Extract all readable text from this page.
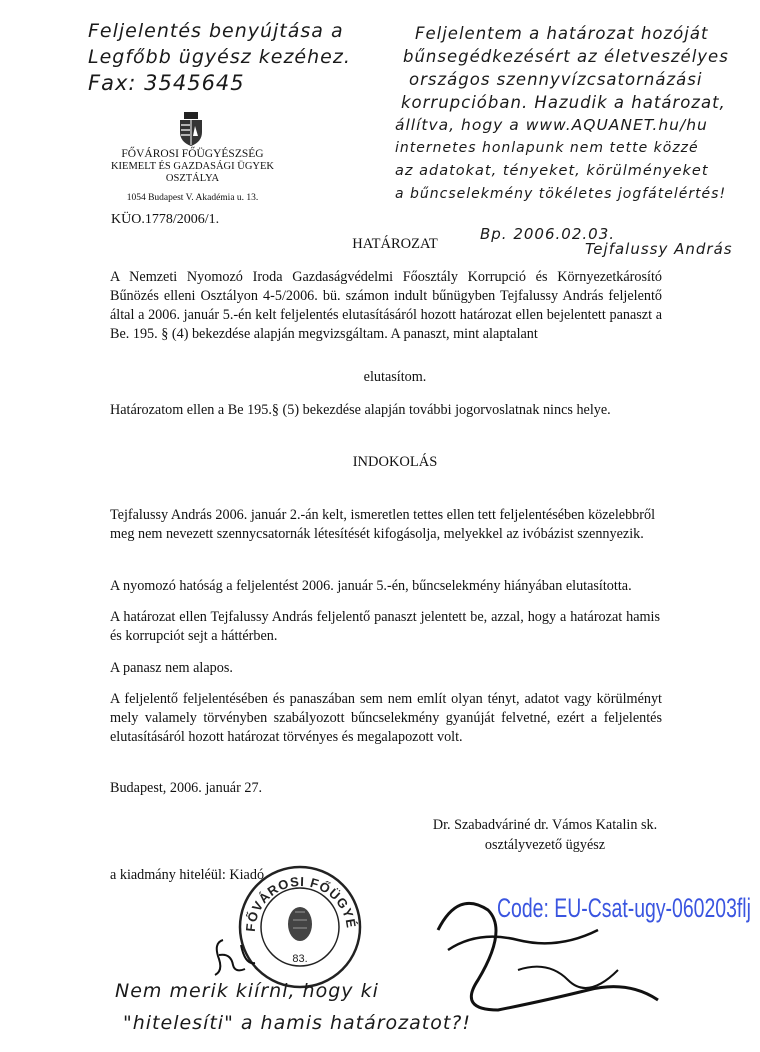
Feljelentés benyújtása a
Legfőbb ügyész kezéhez.
Fax: 3545645
Feljelentem a határozat hozóját
bűnsegédkezésért az életveszélyes
országos szennyvízcsatornázási
korrupcióban. Hazudik a határozat,
állítva, hogy a www.AQUANET.hu/hu
internetes honlapunk nem tette közzé
az adatokat, tényeket, körülményeket
a bűncselekmény tökéletes jogfátelértés!
Bp. 2006.02.03.
Tejfalussy András
FŐVÁROSI FŐÜGYÉSZSÉG
KIEMELT ÉS GAZDASÁGI ÜGYEK
OSZTÁLYA
1054 Budapest V. Akadémia u. 13.
KÜO.1778/2006/1.
HATÁROZAT
A Nemzeti Nyomozó Iroda Gazdaságvédelmi Főosztály Korrupció és Környezetkárosító Bűnözés elleni Osztályon 4-5/2006. bü. számon indult bűnügyben Tejfalussy András feljelentő által a 2006. január 5.-én kelt feljelentés elutasításáról hozott határozat ellen bejelentett panaszt a Be. 195. § (4) bekezdése alapján megvizsgáltam. A panaszt, mint alaptalant
elutasítom.
Határozatom ellen a Be 195.§ (5) bekezdése alapján további jogorvoslatnak nincs helye.
INDOKOLÁS
Tejfalussy András 2006. január 2.-án kelt, ismeretlen tettes ellen tett feljelentésében közelebbről meg nem nevezett szennycsatornák létesítését kifogásolja, melyekkel az ivóbázist szennyezik.
A nyomozó hatóság a feljelentést 2006. január 5.-én, bűncselekmény hiányában elutasította.
A határozat ellen Tejfalussy András feljelentő panaszt jelentett be, azzal, hogy a határozat hamis és korrupciót sejt a háttérben.
A panasz nem alapos.
A feljelentő feljelentésében és panaszában sem nem említ olyan tényt, adatot vagy körülményt mely valamely törvényben szabályozott bűncselekmény gyanúját felvetné, ezért a feljelentés elutasításáról hozott határozat törvényes és megalapozott volt.
Budapest, 2006. január 27.
Dr. Szabadváriné dr. Vámos Katalin sk.
osztályvezető ügyész
a kiadmány hiteléül: Kiadó
FŐVÁROSI FŐÜGYÉ
83.
Code: EU-Csat-ugy-060203flj
Nem merik kiírni, hogy ki
"hitelesíti" a hamis határozatot?!
